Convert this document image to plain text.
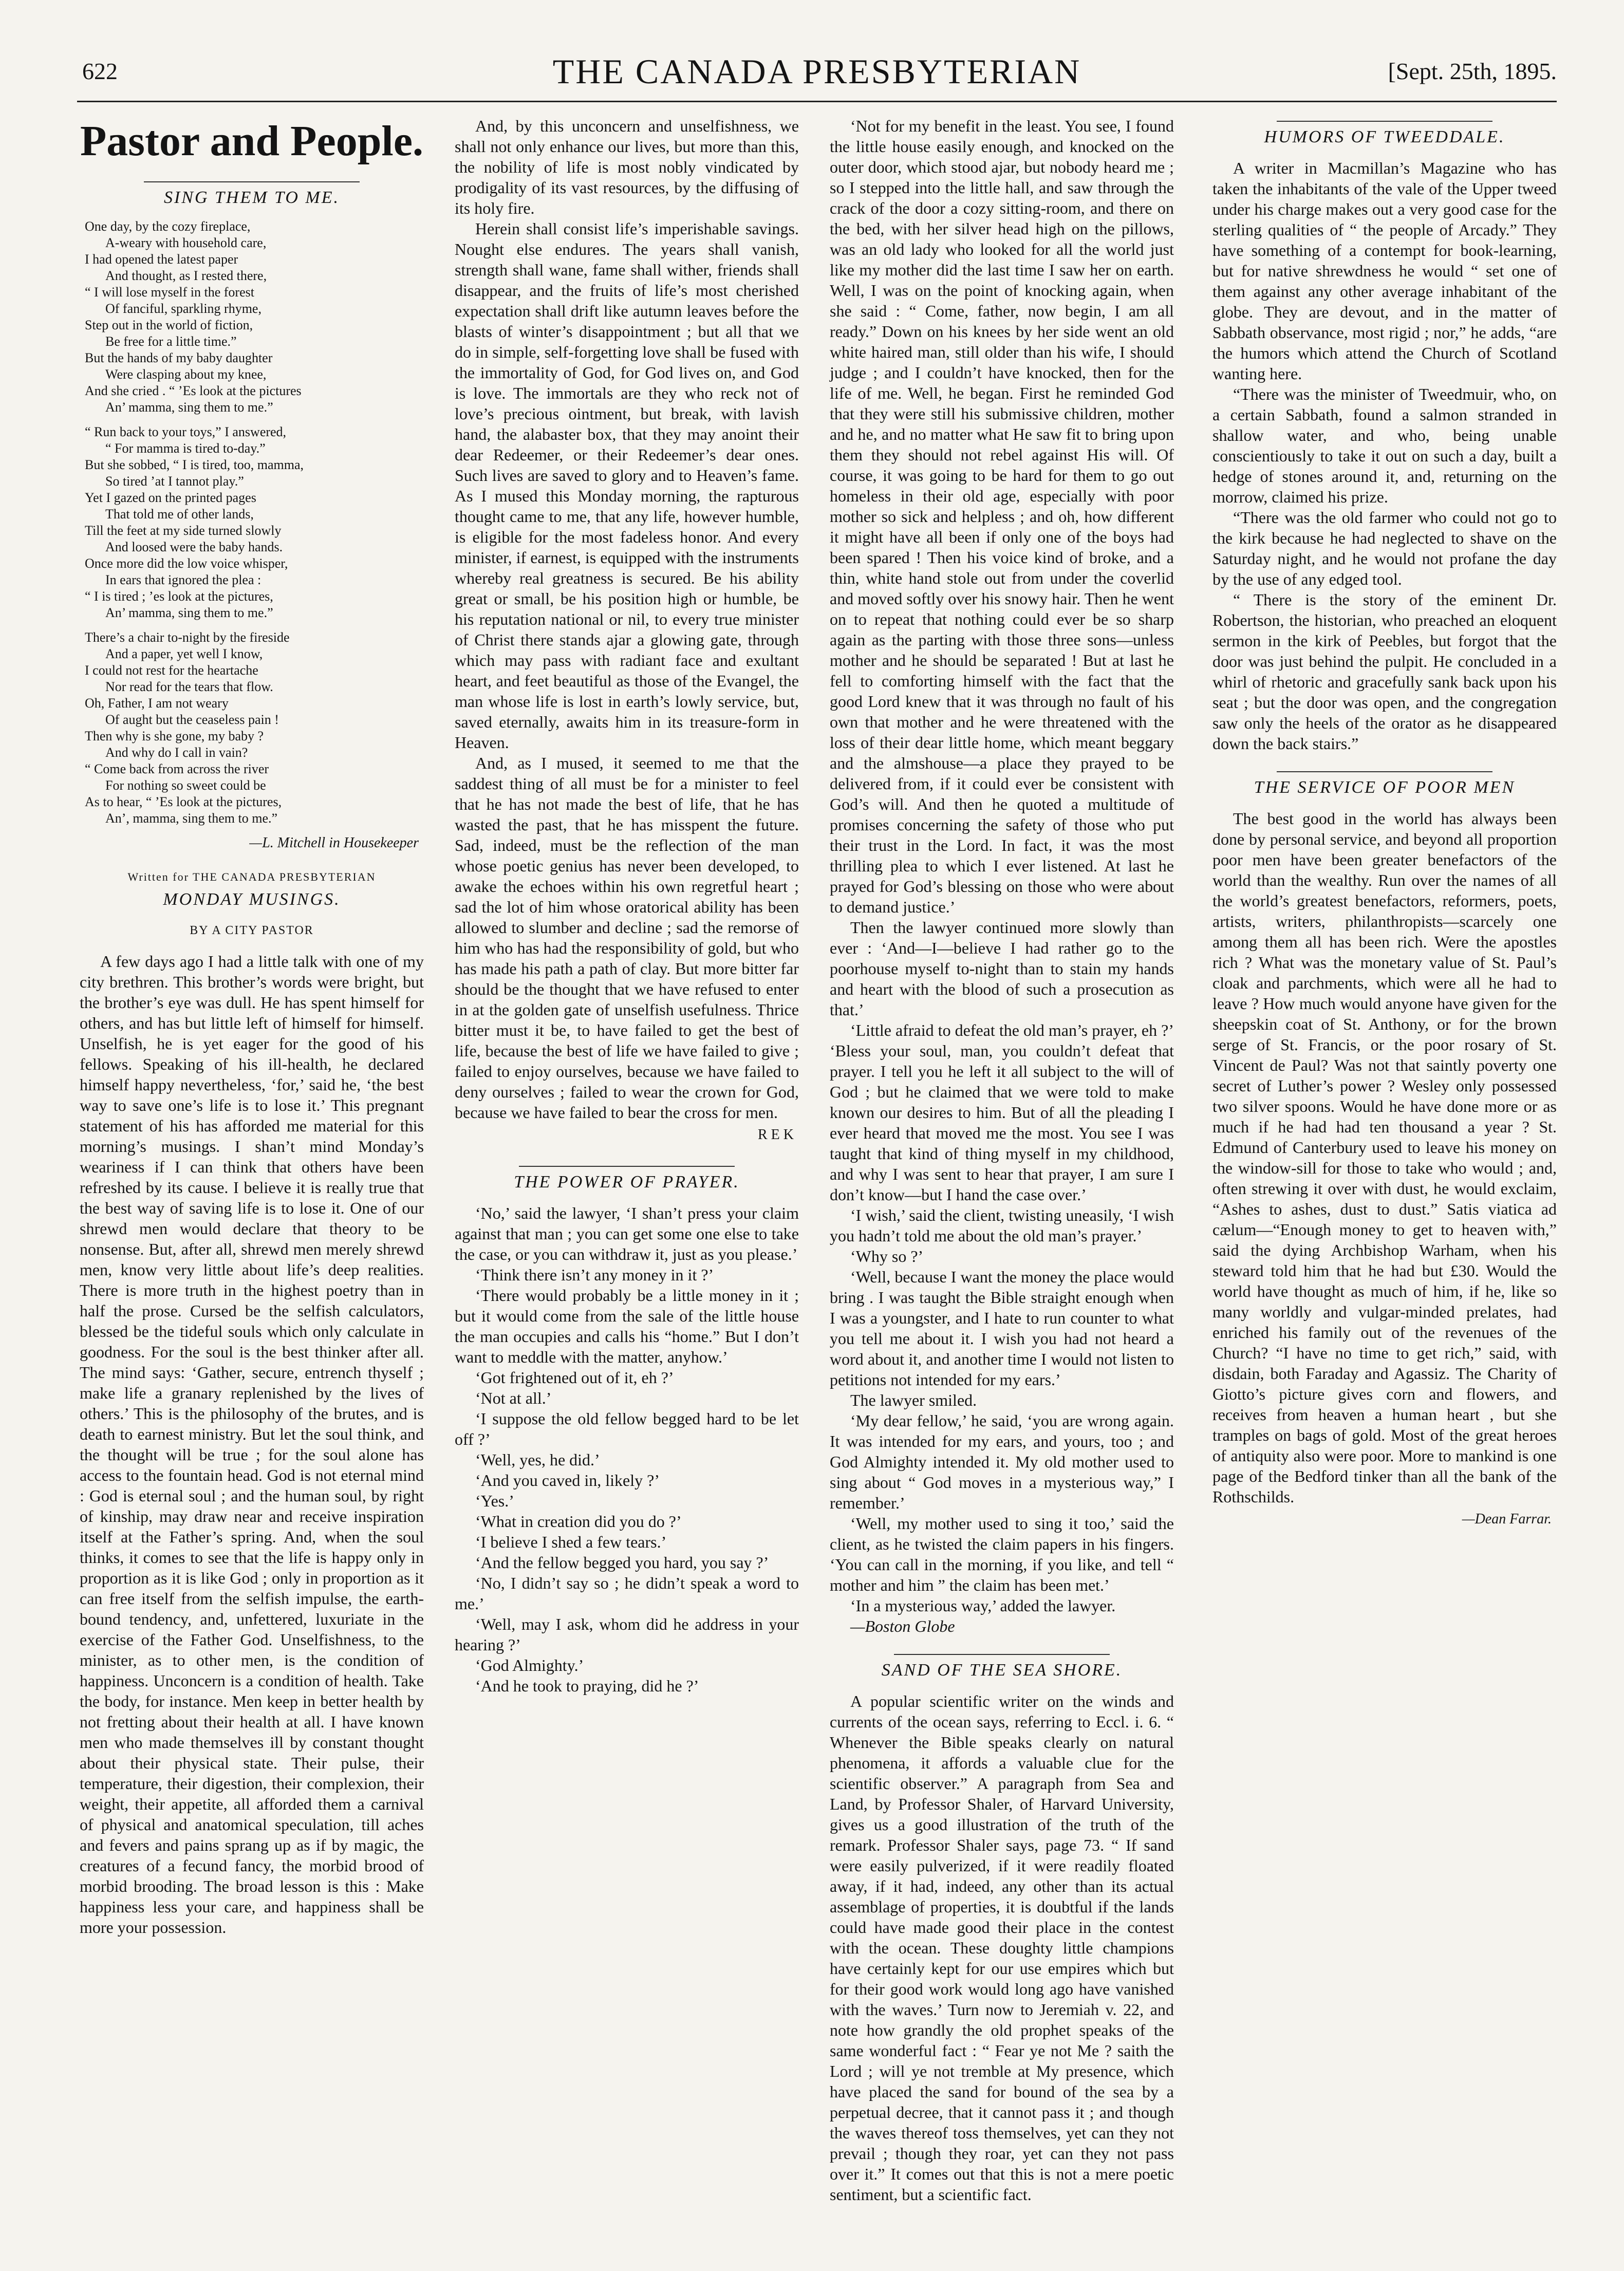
622	THE CANADA PRESBYTERIAN	[Sept. 25th, 1895.
Pastor and People.
SING THEM TO ME.
One day, by the cozy fireplace,
A-weary with household care,
I had opened the latest paper
And thought, as I rested there,
“ I will lose myself in the forest
Of fanciful, sparkling rhyme,
Step out in the world of fiction,
Be free for a little time.”
But the hands of my baby daughter
Were clasping about my knee,
And she cried . “ ’Es look at the pictures
An’ mamma, sing them to me.”
“ Run back to your toys,” I answered,
“ For mamma is tired to-day.”
But she sobbed, “ I is tired, too, mamma,
So tired ’at I tannot play.”
Yet I gazed on the printed pages
That told me of other lands,
Till the feet at my side turned slowly
And loosed were the baby hands.
Once more did the low voice whisper,
In ears that ignored the plea :
“ I is tired ; ’es look at the pictures,
An’ mamma, sing them to me.”
There’s a chair to-night by the fireside
And a paper, yet well I know,
I could not rest for the heartache
Nor read for the tears that flow.
Oh, Father, I am not weary
Of aught but the ceaseless pain !
Then why is she gone, my baby ?
And why do I call in vain?
“ Come back from across the river
For nothing so sweet could be
As to hear, “ ’Es look at the pictures,
An’, mamma, sing them to me.”
—L. Mitchell in Housekeeper
Written for THE CANADA PRESBYTERIAN
MONDAY MUSINGS.
BY A CITY PASTOR

A few days ago I had a little talk with one of my city brethren. This brother’s words were bright, but the brother’s eye was dull. He has spent himself for others, and has but little left of himself for himself. Unselfish, he is yet eager for the good of his fellows. Speaking of his ill-health, he declared himself happy nevertheless, ‘for,’ said he, ‘the best way to save one’s life is to lose it.’ This pregnant statement of his has afforded me material for this morning’s musings. I shan’t mind Monday’s weariness if I can think that others have been refreshed by its cause. I believe it is really true that the best way of saving life is to lose it. One of our shrewd men would declare that theory to be nonsense. But, after all, shrewd men merely shrewd men, know very little about life’s deep realities. There is more truth in the highest poetry than in half the prose. Cursed be the selfish calculators, blessed be the tideful souls which only calculate in goodness. For the soul is the best thinker after all. The mind says: ‘Gather, secure, entrench thyself ; make life a granary replenished by the lives of others.’ This is the philosophy of the brutes, and is death to earnest ministry. But let the soul think, and the thought will be true ; for the soul alone has access to the fountain head. God is not eternal mind : God is eternal soul ; and the human soul, by right of kinship, may draw near and receive inspiration itself at the Father’s spring. And, when the soul thinks, it comes to see that the life is happy only in proportion as it is like God ; only in proportion as it can free itself from the selfish impulse, the earth-bound tendency, and, unfettered, luxuriate in the exercise of the Father God. Unselfishness, to the minister, as to other men, is the condition of happiness. Unconcern is a condition of health. Take the body, for instance. Men keep in better health by not fretting about their health at all. I have known men who made themselves ill by constant thought about their physical state. Their pulse, their temperature, their digestion, their complexion, their weight, their appetite, all afforded them a carnival of physical and anatomical speculation, till aches and fevers and pains sprang up as if by magic, the creatures of a fecund fancy, the morbid brood of morbid brooding. The broad lesson is this : Make happiness less your care, and happiness shall be more your possession.

And, by this unconcern and unselfishness, we shall not only enhance our lives, but more than this, the nobility of life is most nobly vindicated by prodigality of its vast resources, by the diffusing of its holy fire.

Herein shall consist life’s imperishable savings. Nought else endures. The years shall vanish, strength shall wane, fame shall wither, friends shall disappear, and the fruits of life’s most cherished expectation shall drift like autumn leaves before the blasts of winter’s disappointment ; but all that we do in simple, self-forgetting love shall be fused with the immortality of God, for God lives on, and God is love. The immortals are they who reck not of love’s precious ointment, but break, with lavish hand, the alabaster box, that they may anoint their dear Redeemer, or their Redeemer’s dear ones. Such lives are saved to glory and to Heaven’s fame. As I mused this Monday morning, the rapturous thought came to me, that any life, however humble, is eligible for the most fadeless honor. And every minister, if earnest, is equipped with the instruments whereby real greatness is secured. Be his ability great or small, be his position high or humble, be his reputation national or nil, to every true minister of Christ there stands ajar a glowing gate, through which may pass with radiant face and exultant heart, and feet beautiful as those of the Evangel, the man whose life is lost in earth’s lowly service, but, saved eternally, awaits him in its treasure-form in Heaven.

And, as I mused, it seemed to me that the saddest thing of all must be for a minister to feel that he has not made the best of life, that he has wasted the past, that he has misspent the future. Sad, indeed, must be the reflection of the man whose poetic genius has never been developed, to awake the echoes within his own regretful heart ; sad the lot of him whose oratorical ability has been allowed to slumber and decline ; sad the remorse of him who has had the responsibility of gold, but who has made his path a path of clay. But more bitter far should be the thought that we have refused to enter in at the golden gate of unselfish usefulness. Thrice bitter must it be, to have failed to get the best of life, because the best of life we have failed to give ; failed to enjoy ourselves, because we have failed to deny ourselves ; failed to wear the crown for God, because we have failed to bear the cross for men.

R E K
THE POWER OF PRAYER.

‘No,’ said the lawyer, ‘I shan’t press your claim against that man ; you can get some one else to take the case, or you can withdraw it, just as you please.’

‘Think there isn’t any money in it ?’

‘There would probably be a little money in it ; but it would come from the sale of the little house the man occupies and calls his “home.” But I don’t want to meddle with the matter, anyhow.’

‘Got frightened out of it, eh ?’

‘Not at all.’

‘I suppose the old fellow begged hard to be let off ?’

‘Well, yes, he did.’

‘And you caved in, likely ?’

‘Yes.’

‘What in creation did you do ?’

‘I believe I shed a few tears.’

‘And the fellow begged you hard, you say ?’

‘No, I didn’t say so ; he didn’t speak a word to me.’

‘Well, may I ask, whom did he address in your hearing ?’

‘God Almighty.’

‘And he took to praying, did he ?’

‘Not for my benefit in the least. You see, I found the little house easily enough, and knocked on the outer door, which stood ajar, but nobody heard me ; so I stepped into the little hall, and saw through the crack of the door a cozy sitting-room, and there on the bed, with her silver head high on the pillows, was an old lady who looked for all the world just like my mother did the last time I saw her on earth. Well, I was on the point of knocking again, when she said : “ Come, father, now begin, I am all ready.” Down on his knees by her side went an old white haired man, still older than his wife, I should judge ; and I couldn’t have knocked, then for the life of me. Well, he began. First he reminded God that they were still his submissive children, mother and he, and no matter what He saw fit to bring upon them they should not rebel against His will. Of course, it was going to be hard for them to go out homeless in their old age, especially with poor mother so sick and helpless ; and oh, how different it might have all been if only one of the boys had been spared ! Then his voice kind of broke, and a thin, white hand stole out from under the coverlid and moved softly over his snowy hair. Then he went on to repeat that nothing could ever be so sharp again as the parting with those three sons—unless mother and he should be separated ! But at last he fell to comforting himself with the fact that the good Lord knew that it was through no fault of his own that mother and he were threatened with the loss of their dear little home, which meant beggary and the almshouse—a place they prayed to be delivered from, if it could ever be consistent with God’s will. And then he quoted a multitude of promises concerning the safety of those who put their trust in the Lord. In fact, it was the most thrilling plea to which I ever listened. At last he prayed for God’s blessing on those who were about to demand justice.’

Then the lawyer continued more slowly than ever : ‘And—I—believe I had rather go to the poorhouse myself to-night than to stain my hands and heart with the blood of such a prosecution as that.’

‘Little afraid to defeat the old man’s prayer, eh ?’ ‘Bless your soul, man, you couldn’t defeat that prayer. I tell you he left it all subject to the will of God ; but he claimed that we were told to make known our desires to him. But of all the pleading I ever heard that moved me the most. You see I was taught that kind of thing myself in my childhood, and why I was sent to hear that prayer, I am sure I don’t know—but I hand the case over.’

‘I wish,’ said the client, twisting uneasily, ‘I wish you hadn’t told me about the old man’s prayer.’

‘Why so ?’

‘Well, because I want the money the place would bring . I was taught the Bible straight enough when I was a youngster, and I hate to run counter to what you tell me about it. I wish you had not heard a word about it, and another time I would not listen to petitions not intended for my ears.’

The lawyer smiled.

‘My dear fellow,’ he said, ‘you are wrong again. It was intended for my ears, and yours, too ; and God Almighty intended it. My old mother used to sing about “ God moves in a mysterious way,” I remember.’

‘Well, my mother used to sing it too,’ said the client, as he twisted the claim papers in his fingers. ‘You can call in the morning, if you like, and tell “ mother and him ” the claim has been met.’

‘In a mysterious way,’ added the lawyer.

—Boston Globe

SAND OF THE SEA SHORE.

A popular scientific writer on the winds and currents of the ocean says, referring to Eccl. i. 6. “ Whenever the Bible speaks clearly on natural phenomena, it affords a valuable clue for the scientific observer.” A paragraph from Sea and Land, by Professor Shaler, of Harvard University, gives us a good illustration of the truth of the remark. Professor Shaler says, page 73. “ If sand were easily pulverized, if it were readily floated away, if it had, indeed, any other than its actual assemblage of properties, it is doubtful if the lands could have made good their place in the contest with the ocean. These doughty little champions have certainly kept for our use empires which but for their good work would long ago have vanished with the waves.’ Turn now to Jeremiah v. 22, and note how grandly the old prophet speaks of the same wonderful fact : “ Fear ye not Me ? saith the Lord ; will ye not tremble at My presence, which have placed the sand for bound of the sea by a perpetual decree, that it cannot pass it ; and though the waves thereof toss themselves, yet can they not prevail ; though they roar, yet can they not pass over it.” It comes out that this is not a mere poetic sentiment, but a scientific fact.

HUMORS OF TWEEDDALE.

A writer in Macmillan’s Magazine who has taken the inhabitants of the vale of the Upper tweed under his charge makes out a very good case for the sterling qualities of “ the people of Arcady.” They have something of a contempt for book-learning, but for native shrewdness he would “ set one of them against any other average inhabitant of the globe. They are devout, and in the matter of Sabbath observance, most rigid ; nor,” he adds, “are the humors which attend the Church of Scotland wanting here.

“There was the minister of Tweedmuir, who, on a certain Sabbath, found a salmon stranded in shallow water, and who, being unable conscientiously to take it out on such a day, built a hedge of stones around it, and, returning on the morrow, claimed his prize.

“There was the old farmer who could not go to the kirk because he had neglected to shave on the Saturday night, and he would not profane the day by the use of any edged tool.

“ There is the story of the eminent Dr. Robertson, the historian, who preached an eloquent sermon in the kirk of Peebles, but forgot that the door was just behind the pulpit. He concluded in a whirl of rhetoric and gracefully sank back upon his seat ; but the door was open, and the congregation saw only the heels of the orator as he disappeared down the back stairs.”

THE SERVICE OF POOR MEN

The best good in the world has always been done by personal service, and beyond all proportion poor men have been greater benefactors of the world than the wealthy. Run over the names of all the world’s greatest benefactors, reformers, poets, artists, writers, philanthropists—scarcely one among them all has been rich. Were the apostles rich ? What was the monetary value of St. Paul’s cloak and parchments, which were all he had to leave ? How much would anyone have given for the sheepskin coat of St. Anthony, or for the brown serge of St. Francis, or the poor rosary of St. Vincent de Paul? Was not that saintly poverty one secret of Luther’s power ? Wesley only possessed two silver spoons. Would he have done more or as much if he had had ten thousand a year ? St. Edmund of Canterbury used to leave his money on the window-sill for those to take who would ; and, often strewing it over with dust, he would exclaim, “Ashes to ashes, dust to dust.” Satis viatica ad cælum—“Enough money to get to heaven with,” said the dying Archbishop Warham, when his steward told him that he had but £30. Would the world have thought as much of him, if he, like so many worldly and vulgar-minded prelates, had enriched his family out of the revenues of the Church? “I have no time to get rich,” said, with disdain, both Faraday and Agassiz. The Charity of Giotto’s picture gives corn and flowers, and receives from heaven a human heart , but she tramples on bags of gold. Most of the great heroes of antiquity also were poor. More to mankind is one page of the Bedford tinker than all the bank of the Rothschilds.

—Dean Farrar.
